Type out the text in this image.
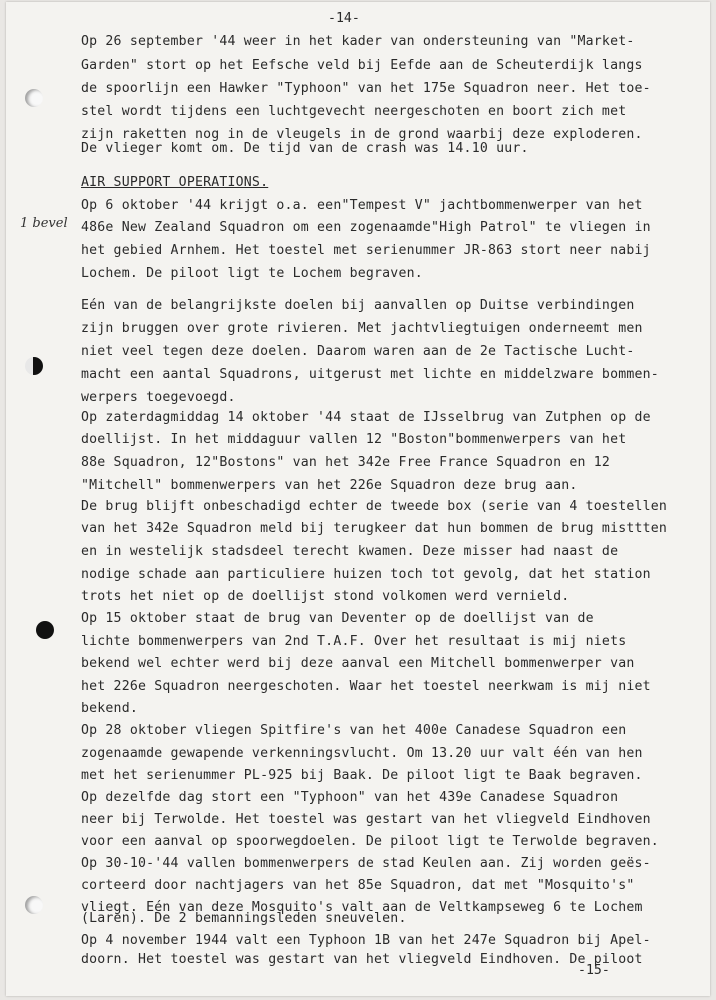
-14-
1 bevel
Op 26 september '44 weer in het kader van ondersteuning van "Market-
Garden" stort op het Eefsche veld bij Eefde aan de Scheuterdijk langs
de spoorlijn een Hawker "Typhoon" van het 175e Squadron neer. Het toe-
stel wordt tijdens een luchtgevecht neergeschoten en boort zich met
zijn raketten nog in de vleugels in de grond waarbij deze exploderen.
De vlieger komt om. De tijd van de crash was 14.10 uur.
AIR SUPPORT OPERATIONS.
Op 6 oktober '44 krijgt o.a. een"Tempest V" jachtbommenwerper van het
486e New Zealand Squadron om een zogenaamde"High Patrol" te vliegen in
het gebied Arnhem. Het toestel met serienummer JR-863 stort neer nabij
Lochem. De piloot ligt te Lochem begraven.
Eén van de belangrijkste doelen bij aanvallen op Duitse verbindingen
zijn bruggen over grote rivieren. Met jachtvliegtuigen onderneemt men
niet veel tegen deze doelen. Daarom waren aan de 2e Tactische Lucht-
macht een aantal Squadrons, uitgerust met lichte en middelzware bommen-
werpers toegevoegd.
Op zaterdagmiddag 14 oktober '44 staat de IJsselbrug van Zutphen op de
doellijst. In het middaguur vallen 12 "Boston"bommenwerpers van het
88e Squadron, 12"Bostons" van het 342e Free France Squadron en 12
"Mitchell" bommenwerpers van het 226e Squadron deze brug aan.
De brug blijft onbeschadigd echter de tweede box (serie van 4 toestellen
van het 342e Squadron meld bij terugkeer dat hun bommen de brug misttten
en in westelijk stadsdeel terecht kwamen. Deze misser had naast de
nodige schade aan particuliere huizen toch tot gevolg, dat het station
trots het niet op de doellijst stond volkomen werd vernield.
Op 15 oktober staat de brug van Deventer op de doellijst van de
lichte bommenwerpers van 2nd T.A.F. Over het resultaat is mij niets
bekend wel echter werd bij deze aanval een Mitchell bommenwerper van
het 226e Squadron neergeschoten. Waar het toestel neerkwam is mij niet
bekend.
Op 28 oktober vliegen Spitfire's van het 400e Canadese Squadron een
zogenaamde gewapende verkenningsvlucht. Om 13.20 uur valt één van hen
met het serienummer PL-925 bij Baak. De piloot ligt te Baak begraven.
Op dezelfde dag stort een "Typhoon" van het 439e Canadese Squadron
neer bij Terwolde. Het toestel was gestart van het vliegveld Eindhoven
voor een aanval op spoorwegdoelen. De piloot ligt te Terwolde begraven.
Op 30-10-'44 vallen bommenwerpers de stad Keulen aan. Zij worden geës-
corteerd door nachtjagers van het 85e Squadron, dat met "Mosquito's"
vliegt. Eén van deze Mosquito's valt aan de Veltkampseweg 6 te Lochem
(Laren). De 2 bemanningsleden sneuvelen.
Op 4 november 1944 valt een Typhoon 1B van het 247e Squadron bij Apel-
doorn. Het toestel was gestart van het vliegveld Eindhoven. De piloot
-15-
